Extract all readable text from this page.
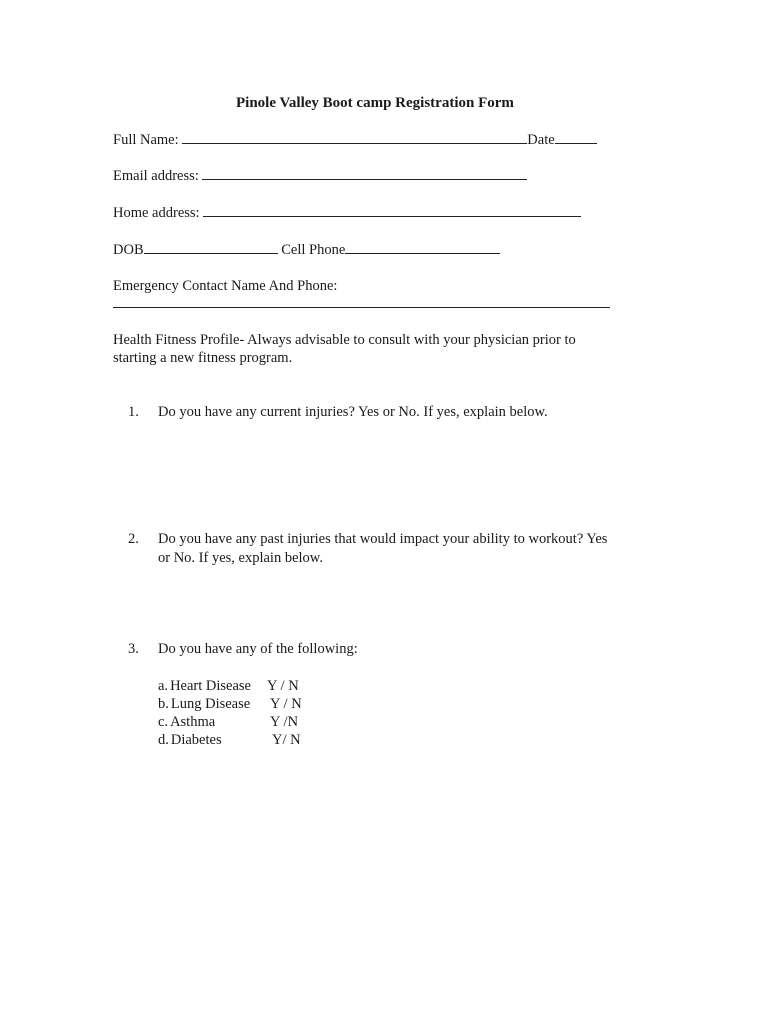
Pinole Valley Boot camp Registration Form
Full Name:	Date
Email address:
Home address:
DOB	Cell Phone
Emergency Contact Name And Phone:
Health Fitness Profile- Always advisable to consult with your physician prior to
starting a new fitness program.
1. Do you have any current injuries? Yes or No. If yes, explain below.
2. Do you have any past injuries that would impact your ability to workout? Yes
or No. If yes, explain below.
3. Do you have any of the following:
a. Heart Disease Y / N
b. Lung Disease Y / N
c. Asthma	Y /N
d. Diabetes	Y/ N
